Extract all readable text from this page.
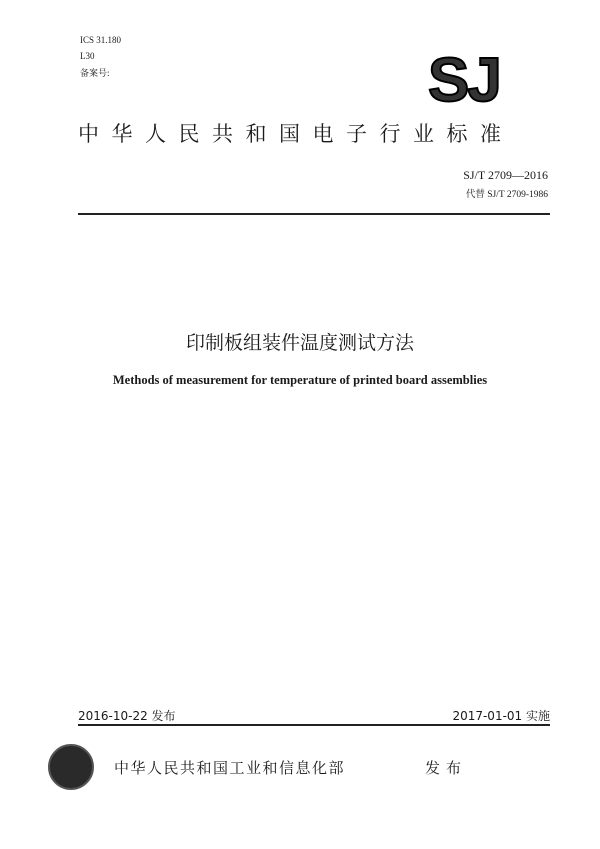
ICS 31.180
L30
备案号:	SJ
中华人民共和国电子行业标准
SJ/T 2709—2016
代替 SJ/T 2709-1986
印制板组装件温度测试方法
Methods of measurement for temperature of printed board assemblies
2016-10-22 发布	2017-01-01 实施
中华人民共和国工业和信息化部	发布
